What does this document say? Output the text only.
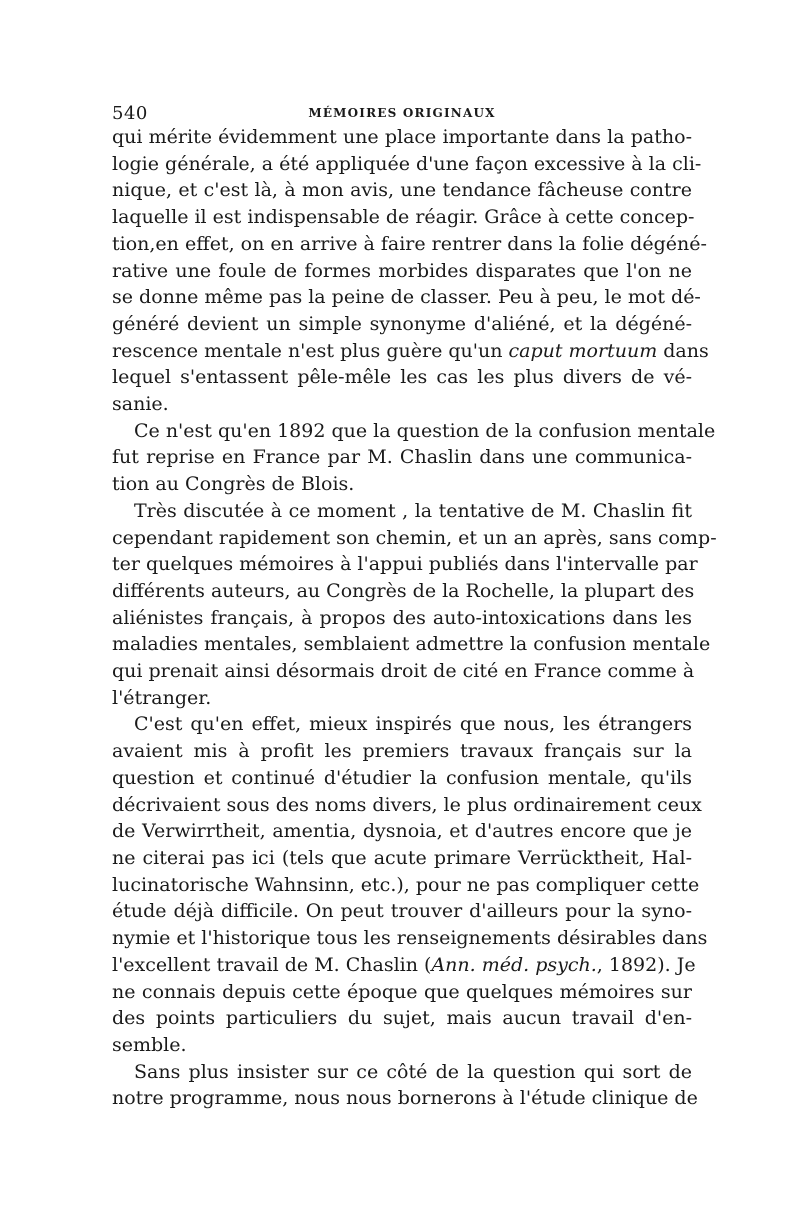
540	MÉMOIRES ORIGINAUX
qui mérite évidemment une place importante dans la patho-
logie générale, a été appliquée d'une façon excessive à la cli-
nique, et c'est là, à mon avis, une tendance fâcheuse contre
laquelle il est indispensable de réagir. Grâce à cette concep-
tion,en effet, on en arrive à faire rentrer dans la folie dégéné-
rative une foule de formes morbides disparates que l'on ne
se donne même pas la peine de classer. Peu à peu, le mot dé-
généré devient un simple synonyme d'aliéné, et la dégéné-
rescence mentale n'est plus guère qu'un caput mortuum dans
lequel s'entassent pêle-mêle les cas les plus divers de vé-
sanie.
Ce n'est qu'en 1892 que la question de la confusion mentale
fut reprise en France par M. Chaslin dans une communica-
tion au Congrès de Blois.
Très discutée à ce moment , la tentative de M. Chaslin fit
cependant rapidement son chemin, et un an après, sans comp-
ter quelques mémoires à l'appui publiés dans l'intervalle par
différents auteurs, au Congrès de la Rochelle, la plupart des
aliénistes français, à propos des auto-intoxications dans les
maladies mentales, semblaient admettre la confusion mentale
qui prenait ainsi désormais droit de cité en France comme à
l'étranger.
C'est qu'en effet, mieux inspirés que nous, les étrangers
avaient mis à profit les premiers travaux français sur la
question et continué d'étudier la confusion mentale, qu'ils
décrivaient sous des noms divers, le plus ordinairement ceux
de Verwirrtheit, amentia, dysnoia, et d'autres encore que je
ne citerai pas ici (tels que acute primare Verrücktheit, Hal-
lucinatorische Wahnsinn, etc.), pour ne pas compliquer cette
étude déjà difficile. On peut trouver d'ailleurs pour la syno-
nymie et l'historique tous les renseignements désirables dans
l'excellent travail de M. Chaslin (Ann. méd. psych., 1892). Je
ne connais depuis cette époque que quelques mémoires sur
des points particuliers du sujet, mais aucun travail d'en-
semble.
Sans plus insister sur ce côté de la question qui sort de
notre programme, nous nous bornerons à l'étude clinique de
